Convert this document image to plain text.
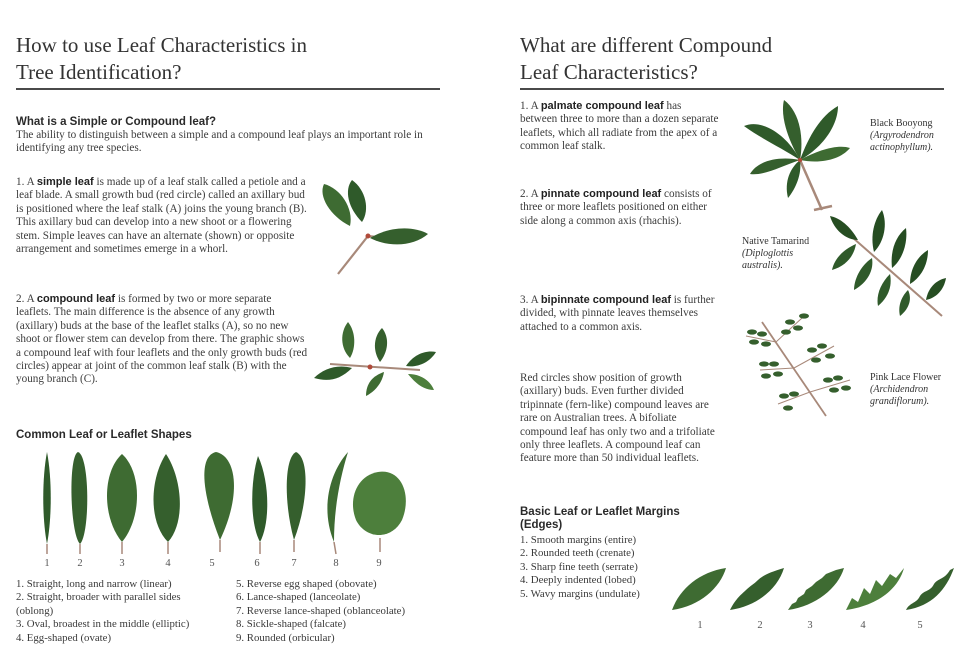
How to use Leaf Characteristics in
Tree Identification?
What is a Simple or Compound leaf?
The ability to distinguish between a simple and a compound leaf plays an important role in identifying any tree species.
1. A simple leaf is made up of a leaf stalk called a petiole and a leaf blade. A small growth bud (red circle) called an axillary bud is positioned where the leaf stalk (A) joins the young branch (B). This axillary bud can develop into a new shoot or a flowering stem. Simple leaves can have an alternate (shown) or opposite arrangement and sometimes emerge in a whorl.
2. A compound leaf is formed by two or more separate leaflets. The main difference is the absence of any growth (axillary) buds at the base of the leaflet stalks (A), so no new shoot or flower stem can develop from there. The graphic shows a compound leaf with four leaflets and the only growth buds (red circles) appear at joint of the common leaf stalk (B) with the young branch (C).
Common Leaf or Leaflet Shapes
1	2	3	4	5	6	7	8	9
1. Straight, long and narrow (linear)
2. Straight, broader with parallel sides
(oblong)
3. Oval, broadest in the middle (elliptic)
4. Egg-shaped (ovate)
5. Reverse egg shaped (obovate)
6. Lance-shaped (lanceolate)
7. Reverse lance-shaped (oblanceolate)
8. Sickle-shaped (falcate)
9. Rounded (orbicular)
What are different Compound
Leaf Characteristics?
1. A palmate compound leaf has between three to more than a dozen separate leaflets, which all radiate from the apex of a common leaf stalk.
Black Booyong
(Argyrodendron actinophyllum).
2. A pinnate compound leaf consists of three or more leaflets positioned on either side along a common axis (rhachis).
Native Tamarind
(Diploglottis australis).
3. A bipinnate compound leaf is further divided, with pinnate leaves themselves attached to a common axis.
Pink Lace Flower
(Archidendron grandiflorum).
Red circles show position of growth (axillary) buds. Even further divided tripinnate (fern-like) compound leaves are rare on Australian trees. A bifoliate compound leaf has only two and a trifoliate only three leaflets. A compound leaf can feature more than 50 individual leaflets.
Basic Leaf or Leaflet Margins
(Edges)
1. Smooth margins (entire)
2. Rounded teeth (crenate)
3. Sharp fine teeth (serrate)
4. Deeply indented (lobed)
5. Wavy margins (undulate)
1	2	3	4	5
